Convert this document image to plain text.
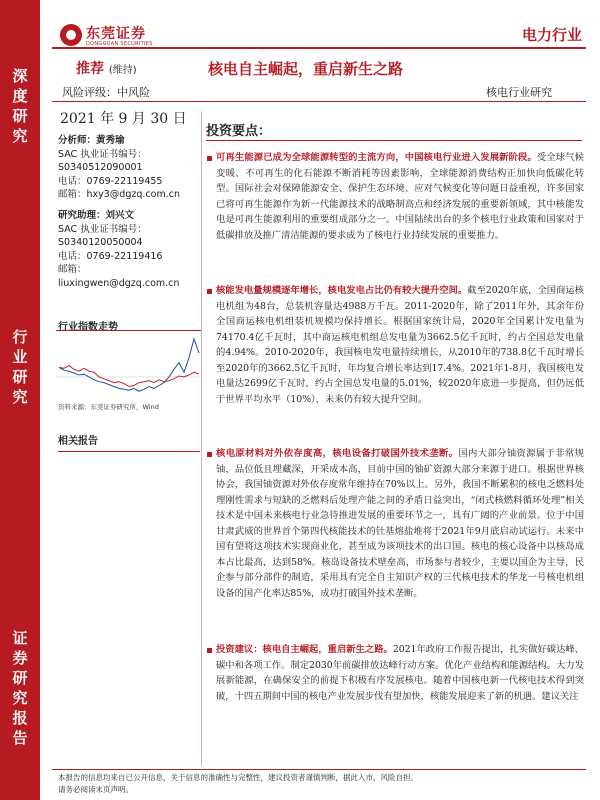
深
度
研
究
行
业
研
究
证
券
研
究
报
告
东莞证券
DONGGUAN SECURITIES	电力行业
推荐 (维持)	核电自主崛起，重启新生之路
风险评级：中风险	核电行业研究
2021 年 9 月 30 日
分析师：黄秀瑜
SAC 执业证书编号：
S0340512090001
电话：0769-22119455
邮箱：hxy3@dgzq.com.cn
研究助理：刘兴文
SAC 执业证书编号：
S0340120050004
电话：0769-22119416
邮箱：liuxingwen@dgzq.com.cn
行业指数走势
资料来源：东莞证券研究所，Wind
相关报告
投资要点：
可再生能源已成为全球能源转型的主流方向，中国核电行业进入发展新阶段。受全球气候变暖、不可再生的化石能源不断消耗等因素影响，全球能源消费结构正加快向低碳化转型。国际社会对保障能源安全、保护生态环境、应对气候变化等问题日益重视，许多国家已将可再生能源作为新一代能源技术的战略制高点和经济发展的重要新领域，其中核能发电是可再生能源利用的重要组成部分之一。中国陆续出台的多个核电行业政策和国家对于低碳排放及推广清洁能源的要求成为了核电行业持续发展的重要推力。
核能发电量规模逐年增长，核电发电占比仍有较大提升空间。截至2020年底，全国商运核电机组为48台，总装机容量达4988万千瓦。2011-2020年，除了2011年外，其余年份全国商运核电机组装机规模均保持增长。根据国家统计局，2020年全国累计发电量为74170.4亿千瓦时，其中商运核电机组总发电量为3662.5亿千瓦时，约占全国总发电量的4.94%。2010-2020年，我国核电发电量持续增长，从2010年的738.8亿千瓦时增长至2020年的3662.5亿千瓦时，年均复合增长率达到17.4%。2021年1-8月，我国核电发电量达2699亿千瓦时，约占全国总发电量的5.01%，较2020年底进一步提高，但仍远低于世界平均水平（10%），未来仍有较大提升空间。
核电原材料对外依存度高，核电设备打破国外技术垄断。国内大部分铀资源属于非常规铀，品位低且埋藏深，开采成本高，目前中国的铀矿资源大部分来源于进口。根据世界核协会，我国铀资源对外依存度常年维持在70%以上。另外，我国不断累积的核电乏燃料处理刚性需求与短缺的乏燃料后处理产能之间的矛盾日益突出，“闭式核燃料循环处理”相关技术是中国未来核电行业急待推进发展的重要环节之一，具有广阔的产业前景。位于中国甘肃武威的世界首个第四代核能技术的钍基熔盐堆将于2021年9月底启动试运行。未来中国有望将这项技术实现商业化，甚至成为该项技术的出口国。核电的核心设备中以核岛成本占比最高，达到58%。核岛设备技术壁垒高，市场参与者较少，主要以国企为主导，民企参与部分部件的制造，采用具有完全自主知识产权的三代核电技术的华龙一号核电机组设备的国产化率达85%，成功打破国外技术垄断。
投资建议：核电自主崛起，重启新生之路。2021年政府工作报告提出，扎实做好碳达峰、碳中和各项工作。制定2030年前碳排放达峰行动方案。优化产业结构和能源结构。大力发展新能源，在确保安全的前提下积极有序发展核电。随着中国核电新一代核电技术得到突破，十四五期间中国的核电产业发展步伐有望加快，核能发展迎来了新的机遇。建议关注
本报告的信息均来自已公开信息，关于信息的准确性与完整性，建议投资者谨慎判断，据此入市，风险自担。
请务必阅读末页声明。
